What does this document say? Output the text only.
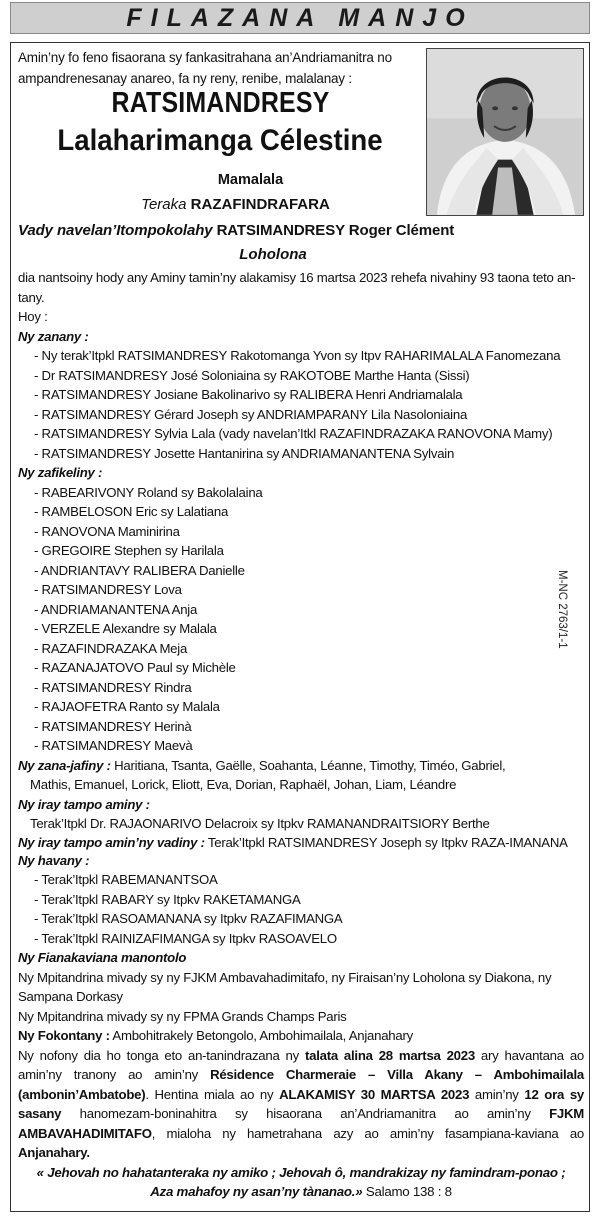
FILAZANA MANJO
Amin’ny fo feno fisaorana sy fankasitrahana an’Andriamanitra no ampandrenesanay anareo, fa ny reny, renibe, malalanay :
RATSIMANDRESY
Lalaharimanga Célestine
Mamalala
Teraka RAZAFINDRAFARA
Vady navelan’Itompokolahy RATSIMANDRESY Roger Clément
Loholona

dia nantsoiny hody any Aminy tamin’ny alakamisy 16 martsa 2023 rehefa nivahiny 93 taona teto an-tany.

Hoy :

Ny zanany :

- Ny terak’Itpkl RATSIMANDRESY Rakotomanga Yvon sy Itpv RAHARIMALALA Fanomezana

- Dr RATSIMANDRESY José Soloniaina sy RAKOTOBE Marthe Hanta (Sissi)

- RATSIMANDRESY Josiane Bakolinarivo sy RALIBERA Henri Andriamalala

- RATSIMANDRESY Gérard Joseph sy ANDRIAMPARANY Lila Nasoloniaina

- RATSIMANDRESY Sylvia Lala (vady navelan’Itkl RAZAFINDRAZAKA RANOVONA Mamy)

- RATSIMANDRESY Josette Hantanirina sy ANDRIAMANANTENA Sylvain

Ny zafikeliny :

- RABEARIVONY Roland sy Bakolalaina

- RAMBELOSON Eric sy Lalatiana

- RANOVONA Maminirina

- GREGOIRE Stephen sy Harilala

- ANDRIANTAVY RALIBERA Danielle

- RATSIMANDRESY Lova

- ANDRIAMANANTENA Anja

- VERZELE Alexandre sy Malala

- RAZAFINDRAZAKA Meja

- RAZANAJATOVO Paul sy Michèle

- RATSIMANDRESY Rindra

- RAJAOFETRA Ranto sy Malala

- RATSIMANDRESY Herinà

- RATSIMANDRESY Maevà

Ny zana-jafiny : Haritiana, Tsanta, Gaëlle, Soahanta, Léanne, Timothy, Timéo, Gabriel,

Mathis, Emanuel, Lorick, Eliott, Eva, Dorian, Raphaël, Johan, Liam, Léandre

Ny iray tampo aminy :

Terak’Itpkl Dr. RAJAONARIVO Delacroix sy Itpkv RAMANANDRAITSIORY Berthe

Ny iray tampo amin’ny vadiny : Terak’Itpkl RATSIMANDRESY Joseph sy Itpkv RAZA-IMANANA

Ny havany :

- Terak’Itpkl RABEMANANTSOA

- Terak’Itpkl RABARY sy Itpkv RAKETAMANGA

- Terak’Itpkl RASOAMANANA sy Itpkv RAZAFIMANGA

- Terak’Itpkl RAINIZAFIMANGA sy Itpkv RASOAVELO

Ny Fianakaviana manontolo

Ny Mpitandrina mivady sy ny FJKM Ambavahadimitafo, ny Firaisan’ny Loholona sy Diakona, ny Sampana Dorkasy

Ny Mpitandrina mivady sy ny FPMA Grands Champs Paris

Ny Fokontany : Ambohitrakely Betongolo, Ambohimailala, Anjanahary

Ny nofony dia ho tonga eto an-tanindrazana ny talata alina 28 martsa 2023 ary havantana ao amin’ny tranony ao amin’ny Résidence Charmeraie – Villa Akany – Ambohimailala (ambonin’Ambatobe). Hentina miala ao ny ALAKAMISY 30 MARTSA 2023 amin’ny 12 ora sy sasany hanomezam-boninahitra sy hisaorana an’Andriamanitra ao amin’ny FJKM AMBAVAHADIMITAFO, mialoha ny hametrahana azy ao amin’ny fasampiana-kaviana ao Anjanahary.

« Jehovah no hahatanteraka ny amiko ; Jehovah ô, mandrakizay ny famindram-ponao ;

Aza mahafoy ny asan’ny tànanao.» Salamo 138 : 8

M-NC 2763/1-1
